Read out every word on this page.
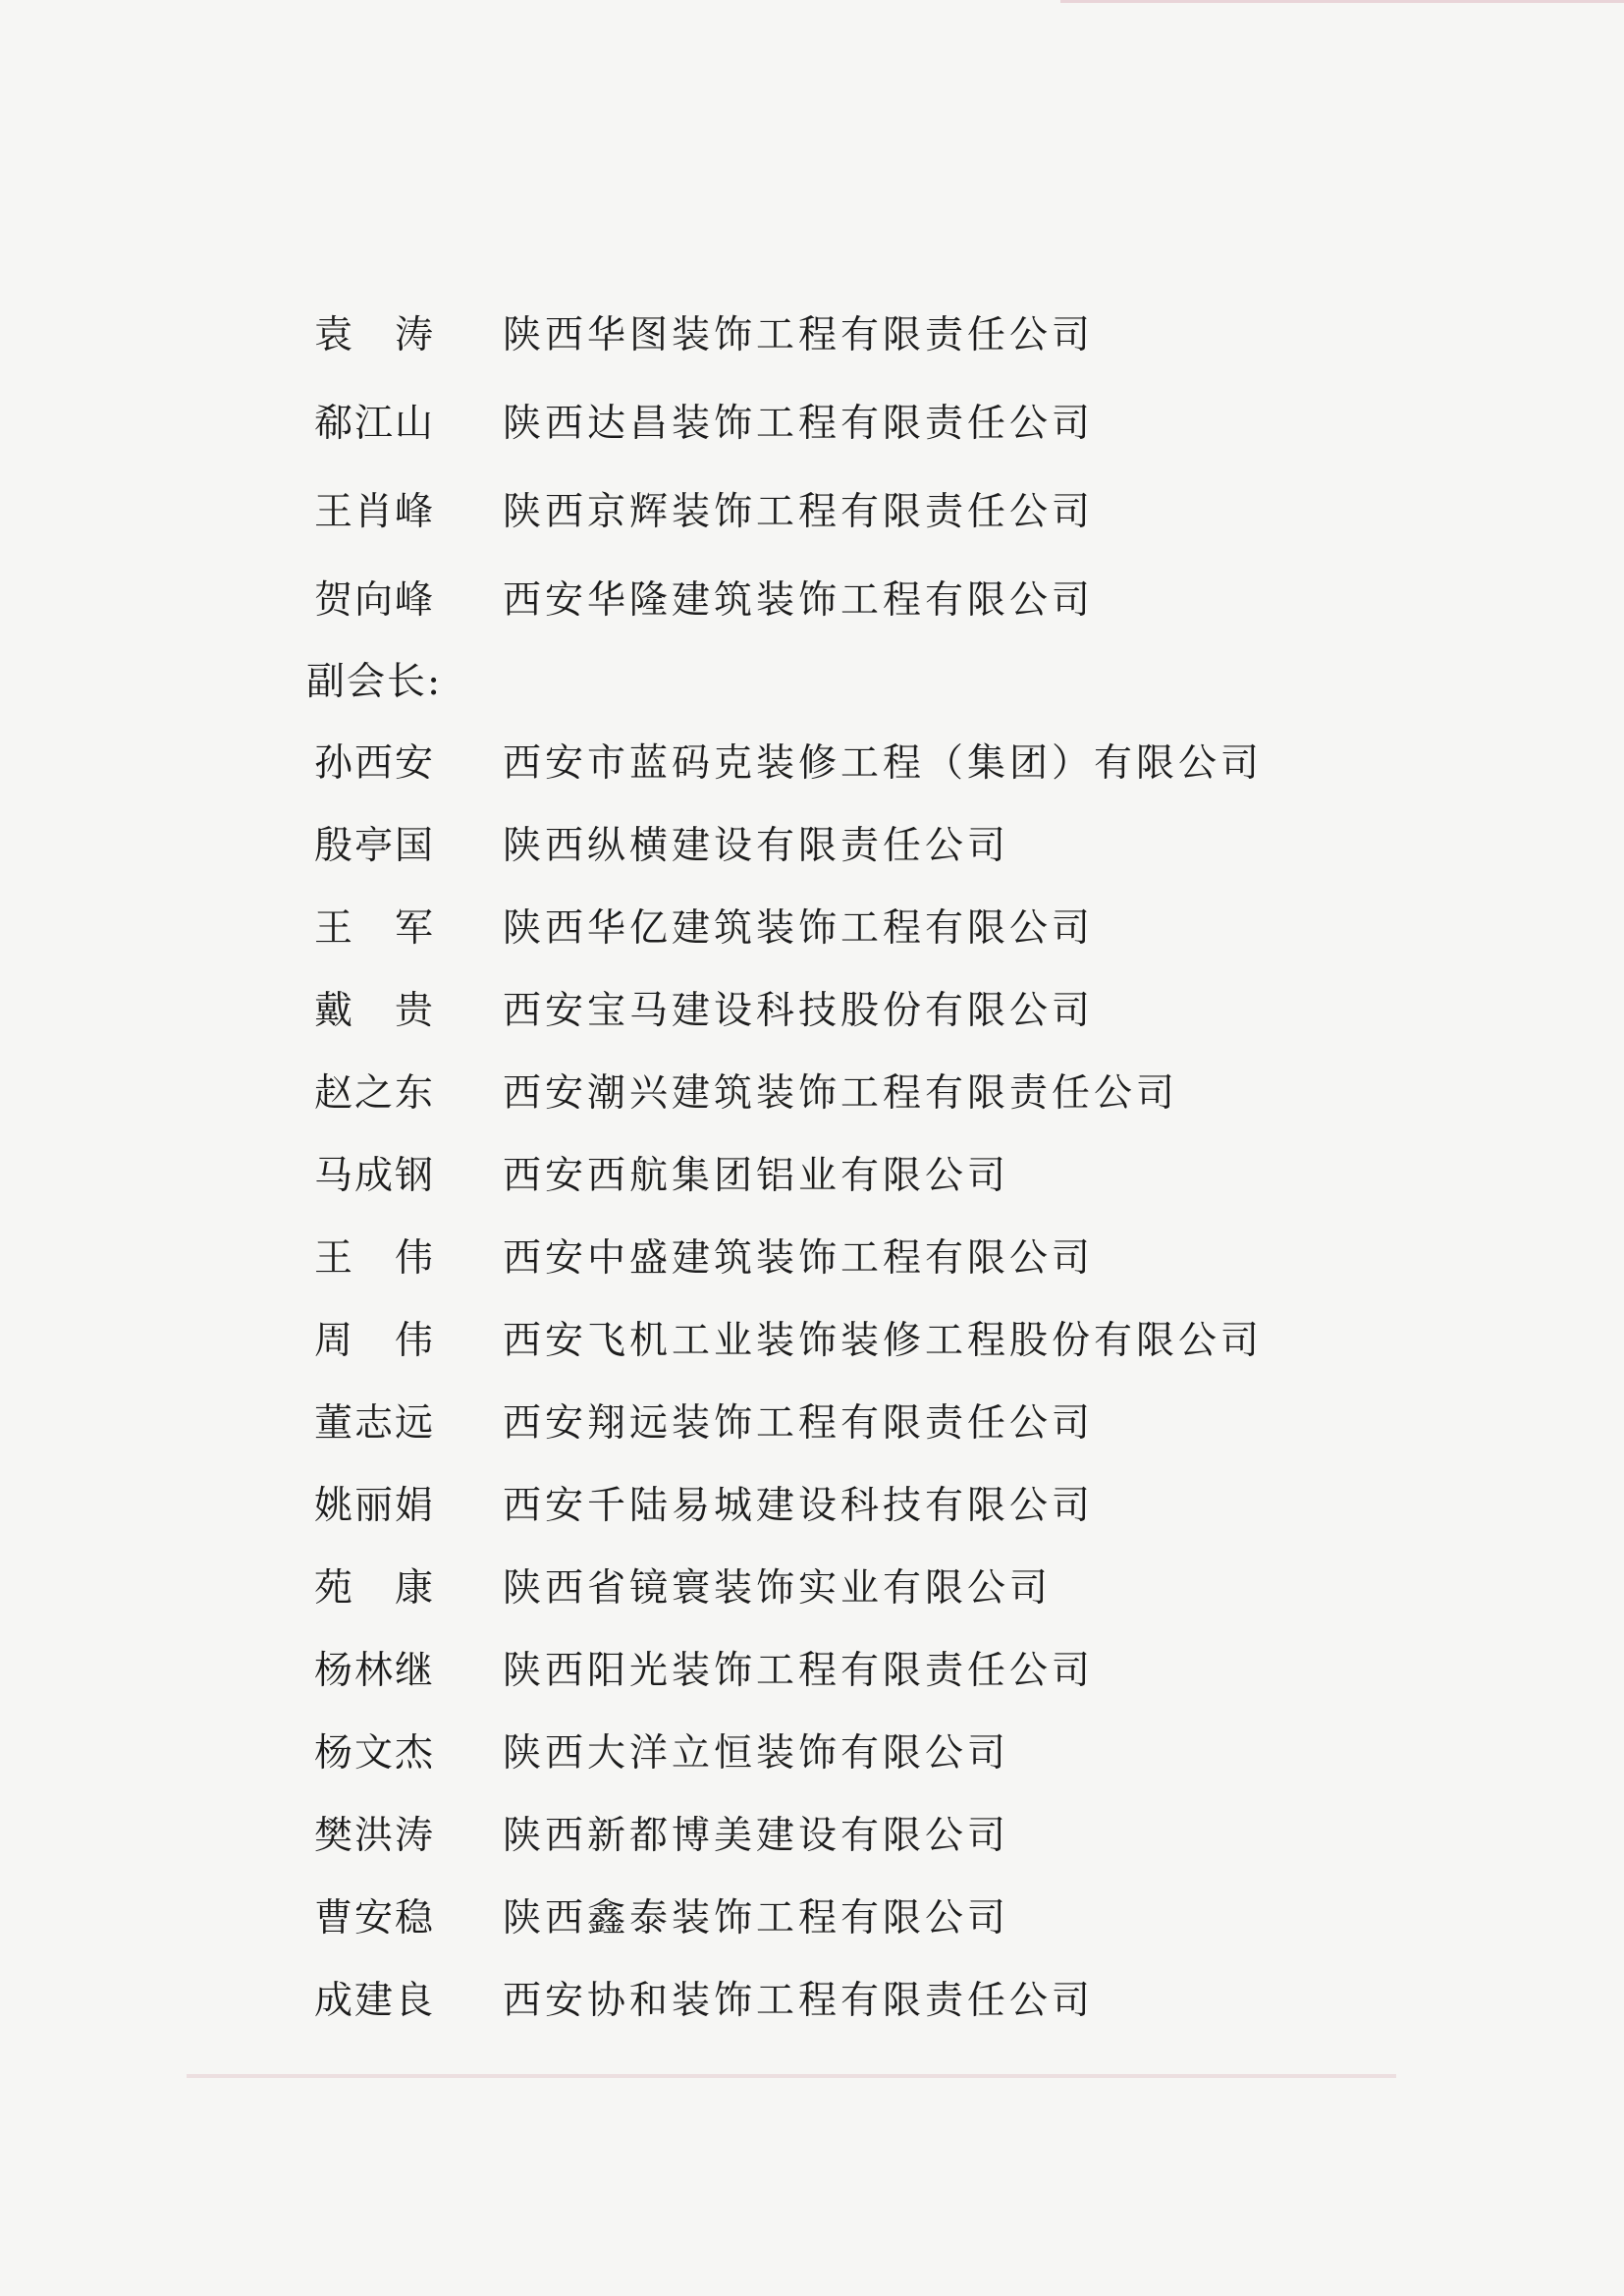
袁　涛 陕西华图装饰工程有限责任公司
郗江山 陕西达昌装饰工程有限责任公司
王肖峰 陕西京辉装饰工程有限责任公司
贺向峰 西安华隆建筑装饰工程有限公司
副会长:
孙西安 西安市蓝码克装修工程（集团）有限公司
殷亭国 陕西纵横建设有限责任公司
王　军 陕西华亿建筑装饰工程有限公司
戴　贵 西安宝马建设科技股份有限公司
赵之东 西安潮兴建筑装饰工程有限责任公司
马成钢 西安西航集团铝业有限公司
王　伟 西安中盛建筑装饰工程有限公司
周　伟 西安飞机工业装饰装修工程股份有限公司
董志远 西安翔远装饰工程有限责任公司
姚丽娟 西安千陆易城建设科技有限公司
苑　康 陕西省镜寰装饰实业有限公司
杨林继 陕西阳光装饰工程有限责任公司
杨文杰 陕西大洋立恒装饰有限公司
樊洪涛 陕西新都博美建设有限公司
曹安稳 陕西鑫泰装饰工程有限公司
成建良 西安协和装饰工程有限责任公司
